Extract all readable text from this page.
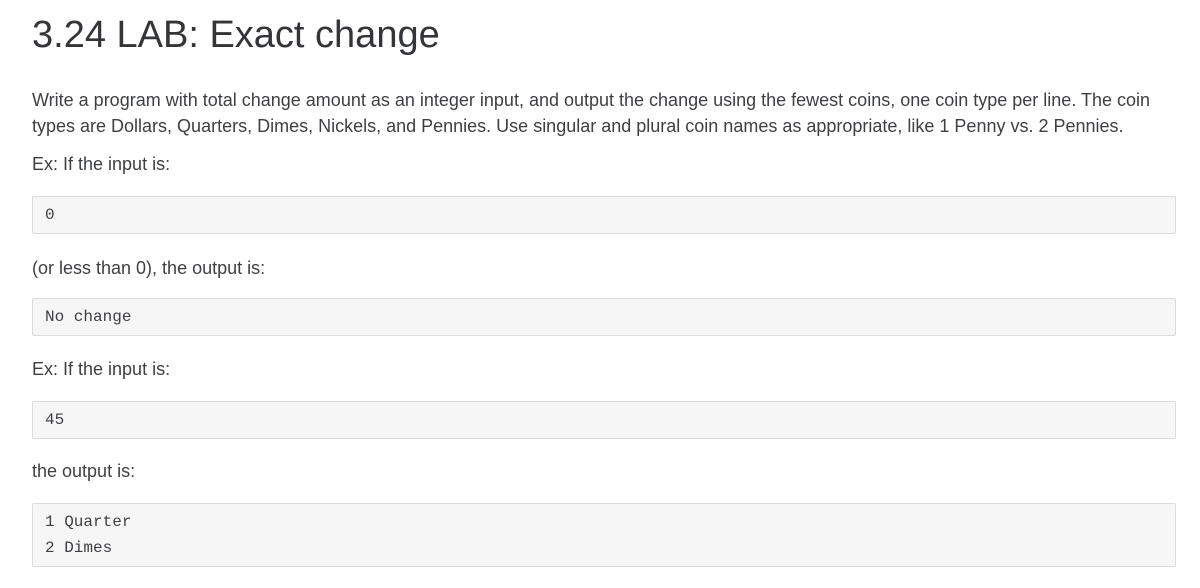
3.24 LAB: Exact change

Write a program with total change amount as an integer input, and output the change using the fewest coins, one coin type per line. The coin types are Dollars, Quarters, Dimes, Nickels, and Pennies. Use singular and plural coin names as appropriate, like 1 Penny vs. 2 Pennies.

Ex: If the input is:

0

(or less than 0), the output is:

No change

Ex: If the input is:

45

the output is:

1 Quarter
2 Dimes
